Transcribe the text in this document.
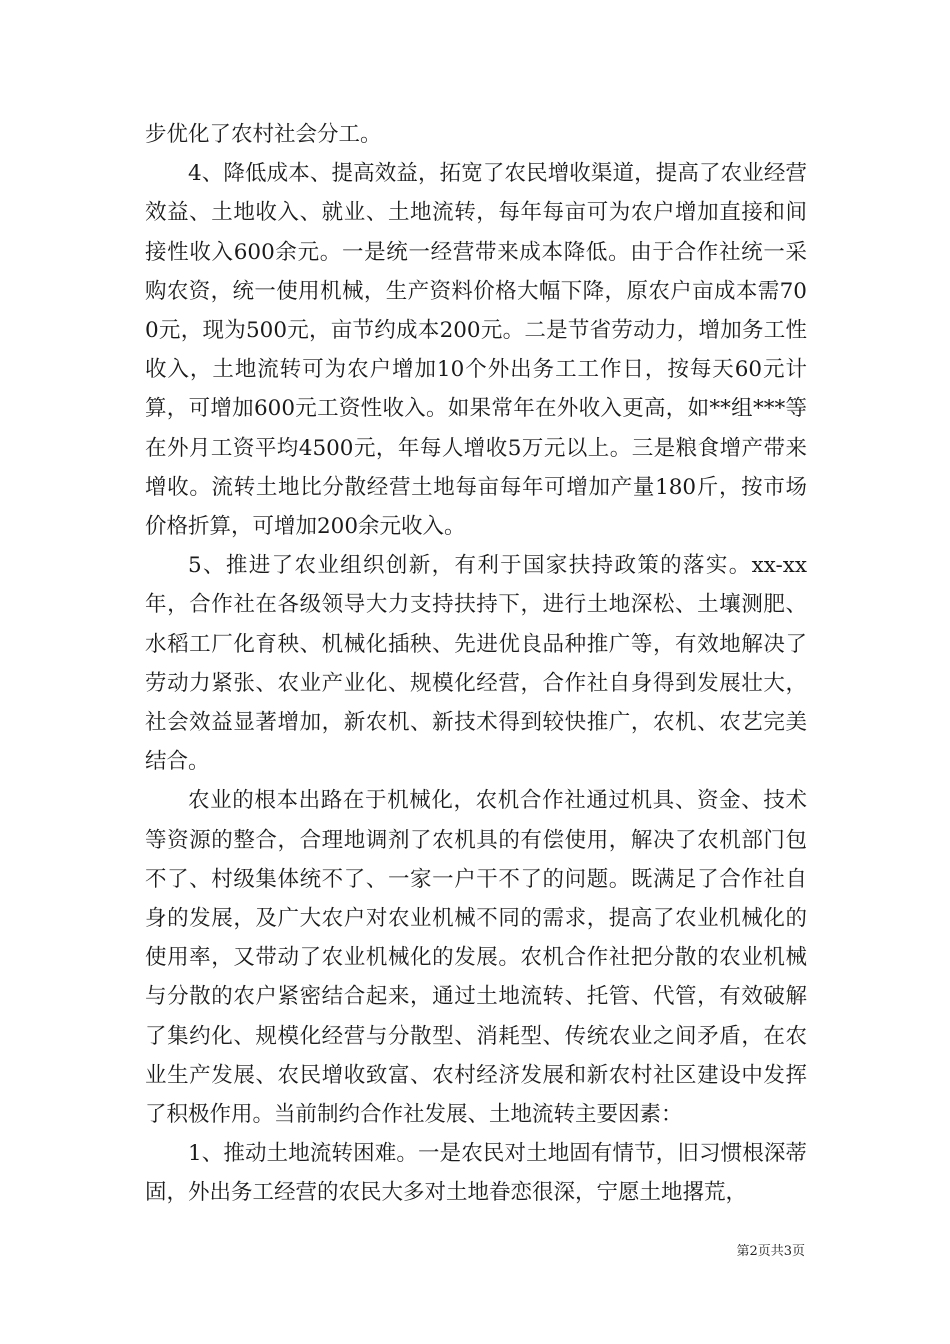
步优化了农村社会分工。

4、降低成本、提高效益，拓宽了农民增收渠道，提高了农业经营效益、土地收入、就业、土地流转，每年每亩可为农户增加直接和间接性收入600余元。一是统一经营带来成本降低。由于合作社统一采购农资，统一使用机械，生产资料价格大幅下降，原农户亩成本需700元，现为500元，亩节约成本200元。二是节省劳动力，增加务工性收入，土地流转可为农户增加10个外出务工工作日，按每天60元计算，可增加600元工资性收入。如果常年在外收入更高，如**组***等在外月工资平均4500元，年每人增收5万元以上。三是粮食增产带来增收。流转土地比分散经营土地每亩每年可增加产量180斤，按市场价格折算，可增加200余元收入。

5、推进了农业组织创新，有利于国家扶持政策的落实。xx-xx年，合作社在各级领导大力支持扶持下，进行土地深松、土壤测肥、水稻工厂化育秧、机械化插秧、先进优良品种推广等，有效地解决了劳动力紧张、农业产业化、规模化经营，合作社自身得到发展壮大，社会效益显著增加，新农机、新技术得到较快推广，农机、农艺完美结合。

农业的根本出路在于机械化，农机合作社通过机具、资金、技术等资源的整合，合理地调剂了农机具的有偿使用，解决了农机部门包不了、村级集体统不了、一家一户干不了的问题。既满足了合作社自身的发展，及广大农户对农业机械不同的需求，提高了农业机械化的使用率，又带动了农业机械化的发展。农机合作社把分散的农业机械与分散的农户紧密结合起来，通过土地流转、托管、代管，有效破解了集约化、规模化经营与分散型、消耗型、传统农业之间矛盾，在农业生产发展、农民增收致富、农村经济发展和新农村社区建设中发挥了积极作用。当前制约合作社发展、土地流转主要因素：

1、推动土地流转困难。一是农民对土地固有情节，旧习惯根深蒂固，外出务工经营的农民大多对土地眷恋很深，宁愿土地撂荒，

第2页共3页
